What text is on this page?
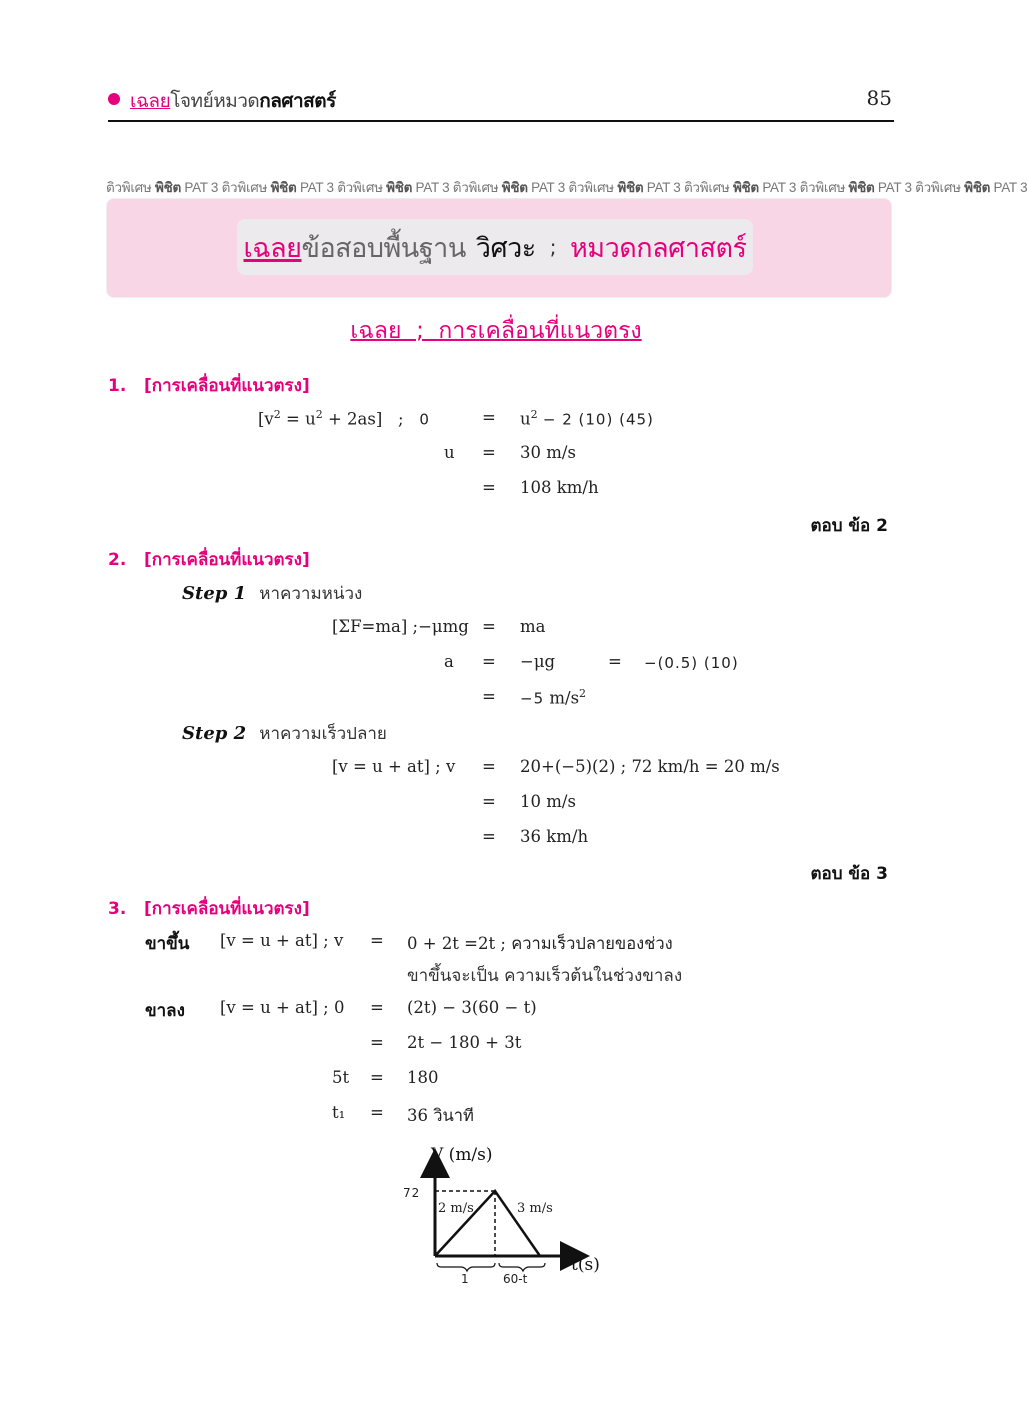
เฉลยโจทย์หมวดกลศาสตร์	85
ติวพิเศษ พิชิต PAT 3 ติวพิเศษ พิชิต PAT 3 ติวพิเศษ พิชิต PAT 3 ติวพิเศษ พิชิต PAT 3 ติวพิเศษ พิชิต PAT 3 ติวพิเศษ พิชิต PAT 3 ติวพิเศษ พิชิต PAT 3 ติวพิเศษ พิชิต PAT 3
เฉลย ข้อสอบพื้นฐาน วิศวะ ; หมวดกลศาสตร์
เฉลย  ;  การเคลื่อนที่แนวตรง
1. [การเคลื่อนที่แนวตรง]
$[v^2 = u^2 + 2as]$   ;   0	= $u^2 - 2$ (10) (45)
u = 30 m/s
= 108 km/h
ตอบ ข้อ 2
2. [การเคลื่อนที่แนวตรง]
Step 1 หาความหน่วง
[ΣF=ma] ;−μmg = ma
a = −μg	= −(0.5) (10)
= −5 $m/s^2$
Step 2 หาความเร็วปลาย
[v = u + at] ; v = 20+(−5)(2) ; 72 km/h = 20 m/s
= 10 m/s
= 36 km/h
ตอบ ข้อ 3
3. [การเคลื่อนที่แนวตรง]
ขาขึ้น [v = u + at] ; v = 0 + 2t =2t ; ความเร็วปลายของช่วง
ขาขึ้นจะเป็น ความเร็วต้นในช่วงขาลง
ขาลง [v = u + at] ; 0 = (2t) − 3(60 − t)
= 2t − 180 + 3t
5t = 180
t₁ = 36 วินาที
V (m/s)
t(s)
72
2 m/s	3 m/s
1	60-t
